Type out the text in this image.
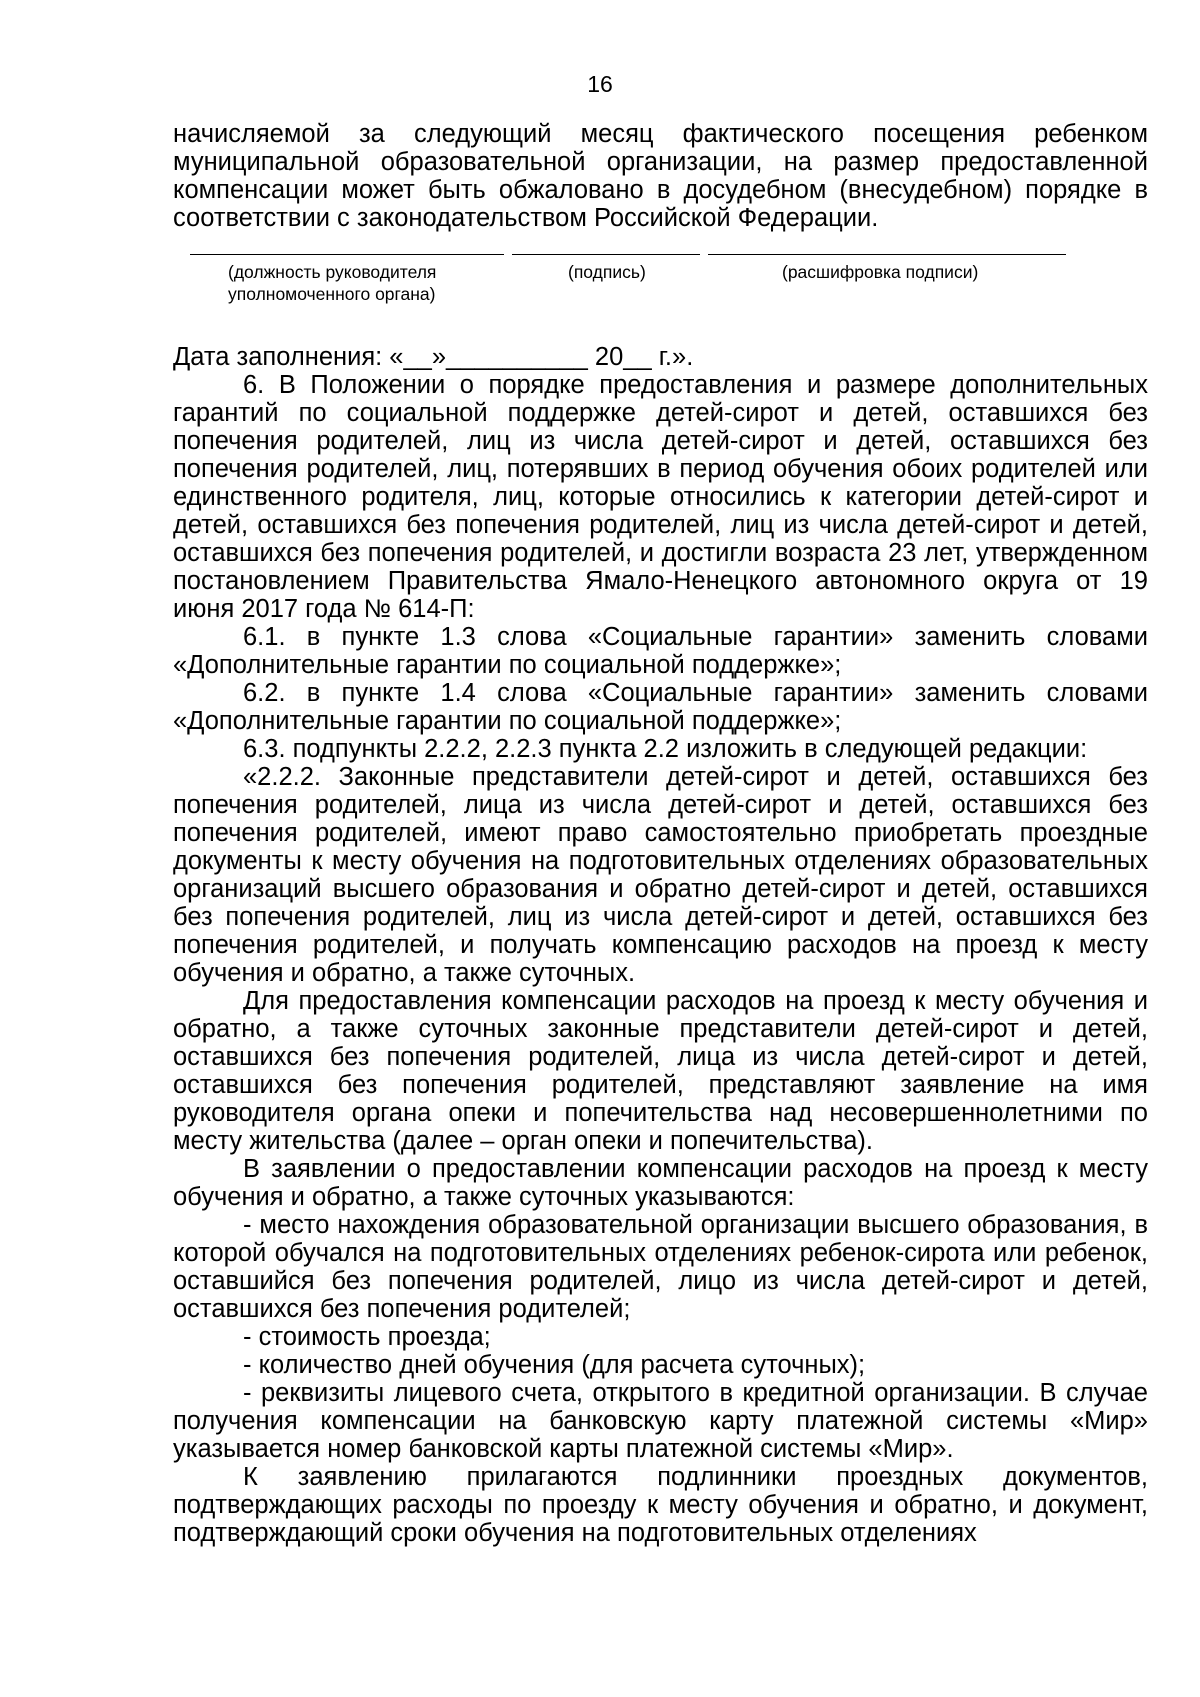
16

начисляемой за следующий месяц фактического посещения ребенком муниципальной образовательной организации, на размер предоставленной компенсации может быть обжаловано в досудебном (внесудебном) порядке в соответствии с законодательством Российской Федерации.

(должность руководителя уполномоченного органа)
(подпись)	(расшифровка подписи)
Дата заполнения: «__»__________ 20__ г.».

6. В Положении о порядке предоставления и размере дополнительных гарантий по социальной поддержке детей-сирот и детей, оставшихся без попечения родителей, лиц из числа детей-сирот и детей, оставшихся без попечения родителей, лиц, потерявших в период обучения обоих родителей или единственного родителя, лиц, которые относились к категории детей-сирот и детей, оставшихся без попечения родителей, лиц из числа детей-сирот и детей, оставшихся без попечения родителей, и достигли возраста 23 лет, утвержденном постановлением Правительства Ямало-Ненецкого автономного округа от 19 июня 2017 года № 614-П:

6.1. в пункте 1.3 слова «Социальные гарантии» заменить словами «Дополнительные гарантии по социальной поддержке»;

6.2. в пункте 1.4 слова «Социальные гарантии» заменить словами «Дополнительные гарантии по социальной поддержке»;

6.3. подпункты 2.2.2, 2.2.3 пункта 2.2 изложить в следующей редакции:

«2.2.2. Законные представители детей-сирот и детей, оставшихся без попечения родителей, лица из числа детей-сирот и детей, оставшихся без попечения родителей, имеют право самостоятельно приобретать проездные документы к месту обучения на подготовительных отделениях образовательных организаций высшего образования и обратно детей-сирот и детей, оставшихся без попечения родителей, лиц из числа детей-сирот и детей, оставшихся без попечения родителей, и получать компенсацию расходов на проезд к месту обучения и обратно, а также суточных.

Для предоставления компенсации расходов на проезд к месту обучения и обратно, а также суточных законные представители детей-сирот и детей, оставшихся без попечения родителей, лица из числа детей-сирот и детей, оставшихся без попечения родителей, представляют заявление на имя руководителя органа опеки и попечительства над несовершеннолетними по месту жительства (далее – орган опеки и попечительства).

В заявлении о предоставлении компенсации расходов на проезд к месту обучения и обратно, а также суточных указываются:

- место нахождения образовательной организации высшего образования, в которой обучался на подготовительных отделениях ребенок-сирота или ребенок, оставшийся без попечения родителей, лицо из числа детей-сирот и детей, оставшихся без попечения родителей;

- стоимость проезда;

- количество дней обучения (для расчета суточных);

- реквизиты лицевого счета, открытого в кредитной организации. В случае получения компенсации на банковскую карту платежной системы «Мир» указывается номер банковской карты платежной системы «Мир».

К заявлению прилагаются подлинники проездных документов, подтверждающих расходы по проезду к месту обучения и обратно, и документ, подтверждающий сроки обучения на подготовительных отделениях
